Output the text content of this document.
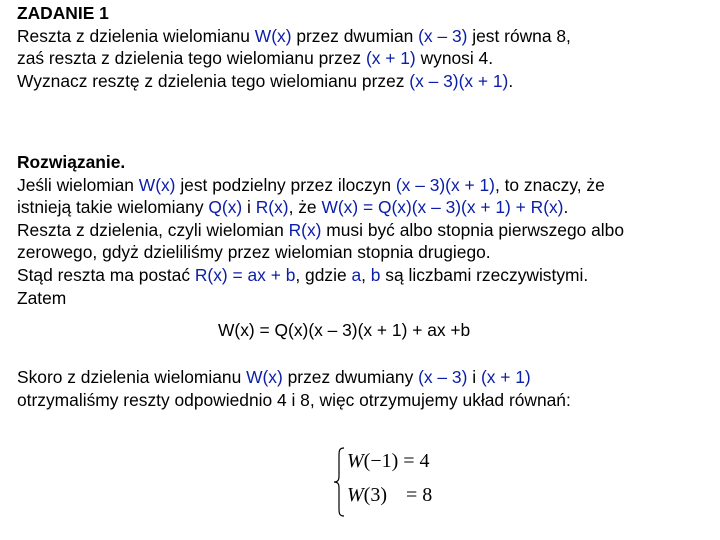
ZADANIE 1
Reszta z dzielenia wielomianu W(x) przez dwumian (x – 3) jest równa 8,
zaś reszta z dzielenia tego wielomianu przez (x + 1) wynosi 4.
Wyznacz resztę z dzielenia tego wielomianu przez (x – 3)(x + 1).
Rozwiązanie.
Jeśli wielomian W(x) jest podzielny przez iloczyn (x – 3)(x + 1), to znaczy, że
istnieją takie wielomiany Q(x) i R(x), że W(x) = Q(x)(x – 3)(x + 1) + R(x).
Reszta z dzielenia, czyli wielomian R(x) musi być albo stopnia pierwszego albo
zerowego, gdyż dzieliliśmy przez wielomian stopnia drugiego.
Stąd reszta ma postać R(x) = ax + b, gdzie a, b są liczbami rzeczywistymi.
Zatem
W(x) = Q(x)(x – 3)(x + 1) + ax +b
Skoro z dzielenia wielomianu W(x) przez dwumiany (x – 3) i (x + 1)
otrzymaliśmy reszty odpowiednio 4 i 8, więc otrzymujemy układ równań:
W(−1) = 4
W(3) = 8
